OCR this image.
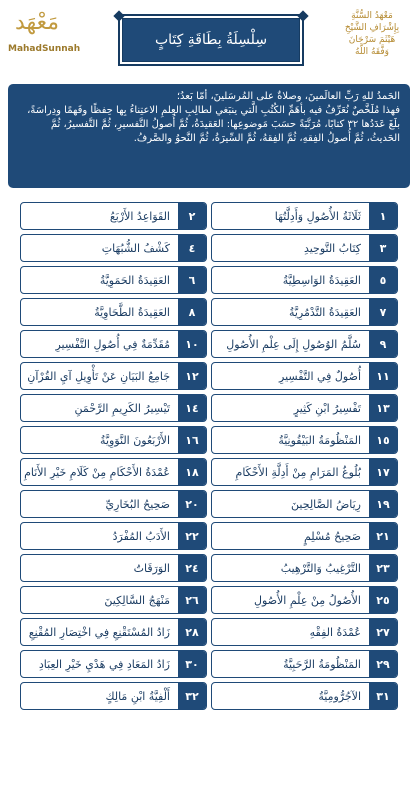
مَعْهَد
MahadSunnah
سِلْسِلَةُ بِطَاقَةِ كِتَابٍ
مَعْهَدُ السُّنَّةِ
بِإِشْرَافِ الشَّيْخِ
هَيْثَمَ سَرْحَانَ
وَفَّقَهُ اللَّهُ

الحَمدُ للهِ رَبِّ العالَمينَ، وصلاةٌ على المُرسَلينَ، أمّا بَعدُ؛

فهذا مُلَخَّصٌ نُعَرِّفُ فيه بأهَمِّ الكُتُبِ الَّتي ينبَغي لطالِبِ العِلمِ الاعتِناءُ بِها حِفظًا وفَهمًا ودِراسَةً، بلَغَ عَدَدُها ٣٢ كتابًا، مُرَتَّبَةً حسَبَ مَوضوعِها: العَقيدَةُ، ثُمَّ أُصولُ التَّفسيرِ، ثُمَّ التَّفسيرُ، ثُمَّ الحَديثُ، ثُمَّ أُصولُ الفِقهِ، ثُمَّ الفِقهُ، ثُمَّ السِّيرَةُ، ثُمَّ النَّحوُ والصَّرفُ.

١
ثَلَاثَةُ الأُصُولِ وَأَدِلَّتُهَا
٢
القَوَاعِدُ الأَرْبَعُ
٣
كِتَابُ التَّوحِيدِ
٤
كَشْفُ الشُّبُهَاتِ
٥
العَقِيدَةُ الوَاسِطِيَّةُ
٦
العَقِيدَةُ الحَمَوِيَّةُ
٧
العَقِيدَةُ التَّدْمُرِيَّةُ
٨
العَقِيدَةُ الطَّحَاوِيَّةُ
٩
سُلَّمُ الوُصُولِ إِلَى عِلْمِ الأُصُولِ
١٠
مُقَدِّمَةٌ فِي أُصُولِ التَّفْسِيرِ
١١
أُصُولٌ فِي التَّفْسِيرِ
١٢
جَامِعُ البَيَانِ عَنْ تَأْوِيلِ آيِ القُرْآنِ
١٣
تَفْسِيرُ ابْنِ كَثِيرٍ
١٤
تَيْسِيرُ الكَرِيمِ الرَّحْمَنِ
١٥
المَنْظُومَةُ البَيْقُونِيَّةُ
١٦
الأَرْبَعُونَ النَّوَوِيَّةُ
١٧
بُلُوغُ المَرَامِ مِنْ أَدِلَّةِ الأَحْكَامِ
١٨
عُمْدَةُ الأَحْكَامِ مِنْ كَلَامِ خَيْرِ الأَنَامِ
١٩
رِيَاضُ الصَّالِحِينَ
٢٠
صَحِيحُ البُخَارِيِّ
٢١
صَحِيحُ مُسْلِمٍ
٢٢
الأَدَبُ المُفْرَدُ
٢٣
التَّرْغِيبُ وَالتَّرْهِيبُ
٢٤
الوَرَقَاتُ
٢٥
الأُصُولُ مِنْ عِلْمِ الأُصُولِ
٢٦
مَنْهَجُ السَّالِكِينَ
٢٧
عُمْدَةُ الفِقْهِ
٢٨
زَادُ المُسْتَقْنِعِ فِي اخْتِصَارِ المُقْنِعِ
٢٩
المَنْظُومَةُ الرَّحَبِيَّةُ
٣٠
زَادُ المَعَادِ فِي هَدْيِ خَيْرِ العِبَادِ
٣١
الآجُرُّومِيَّةُ
٣٢
أَلْفِيَّةُ ابْنِ مَالِكٍ
